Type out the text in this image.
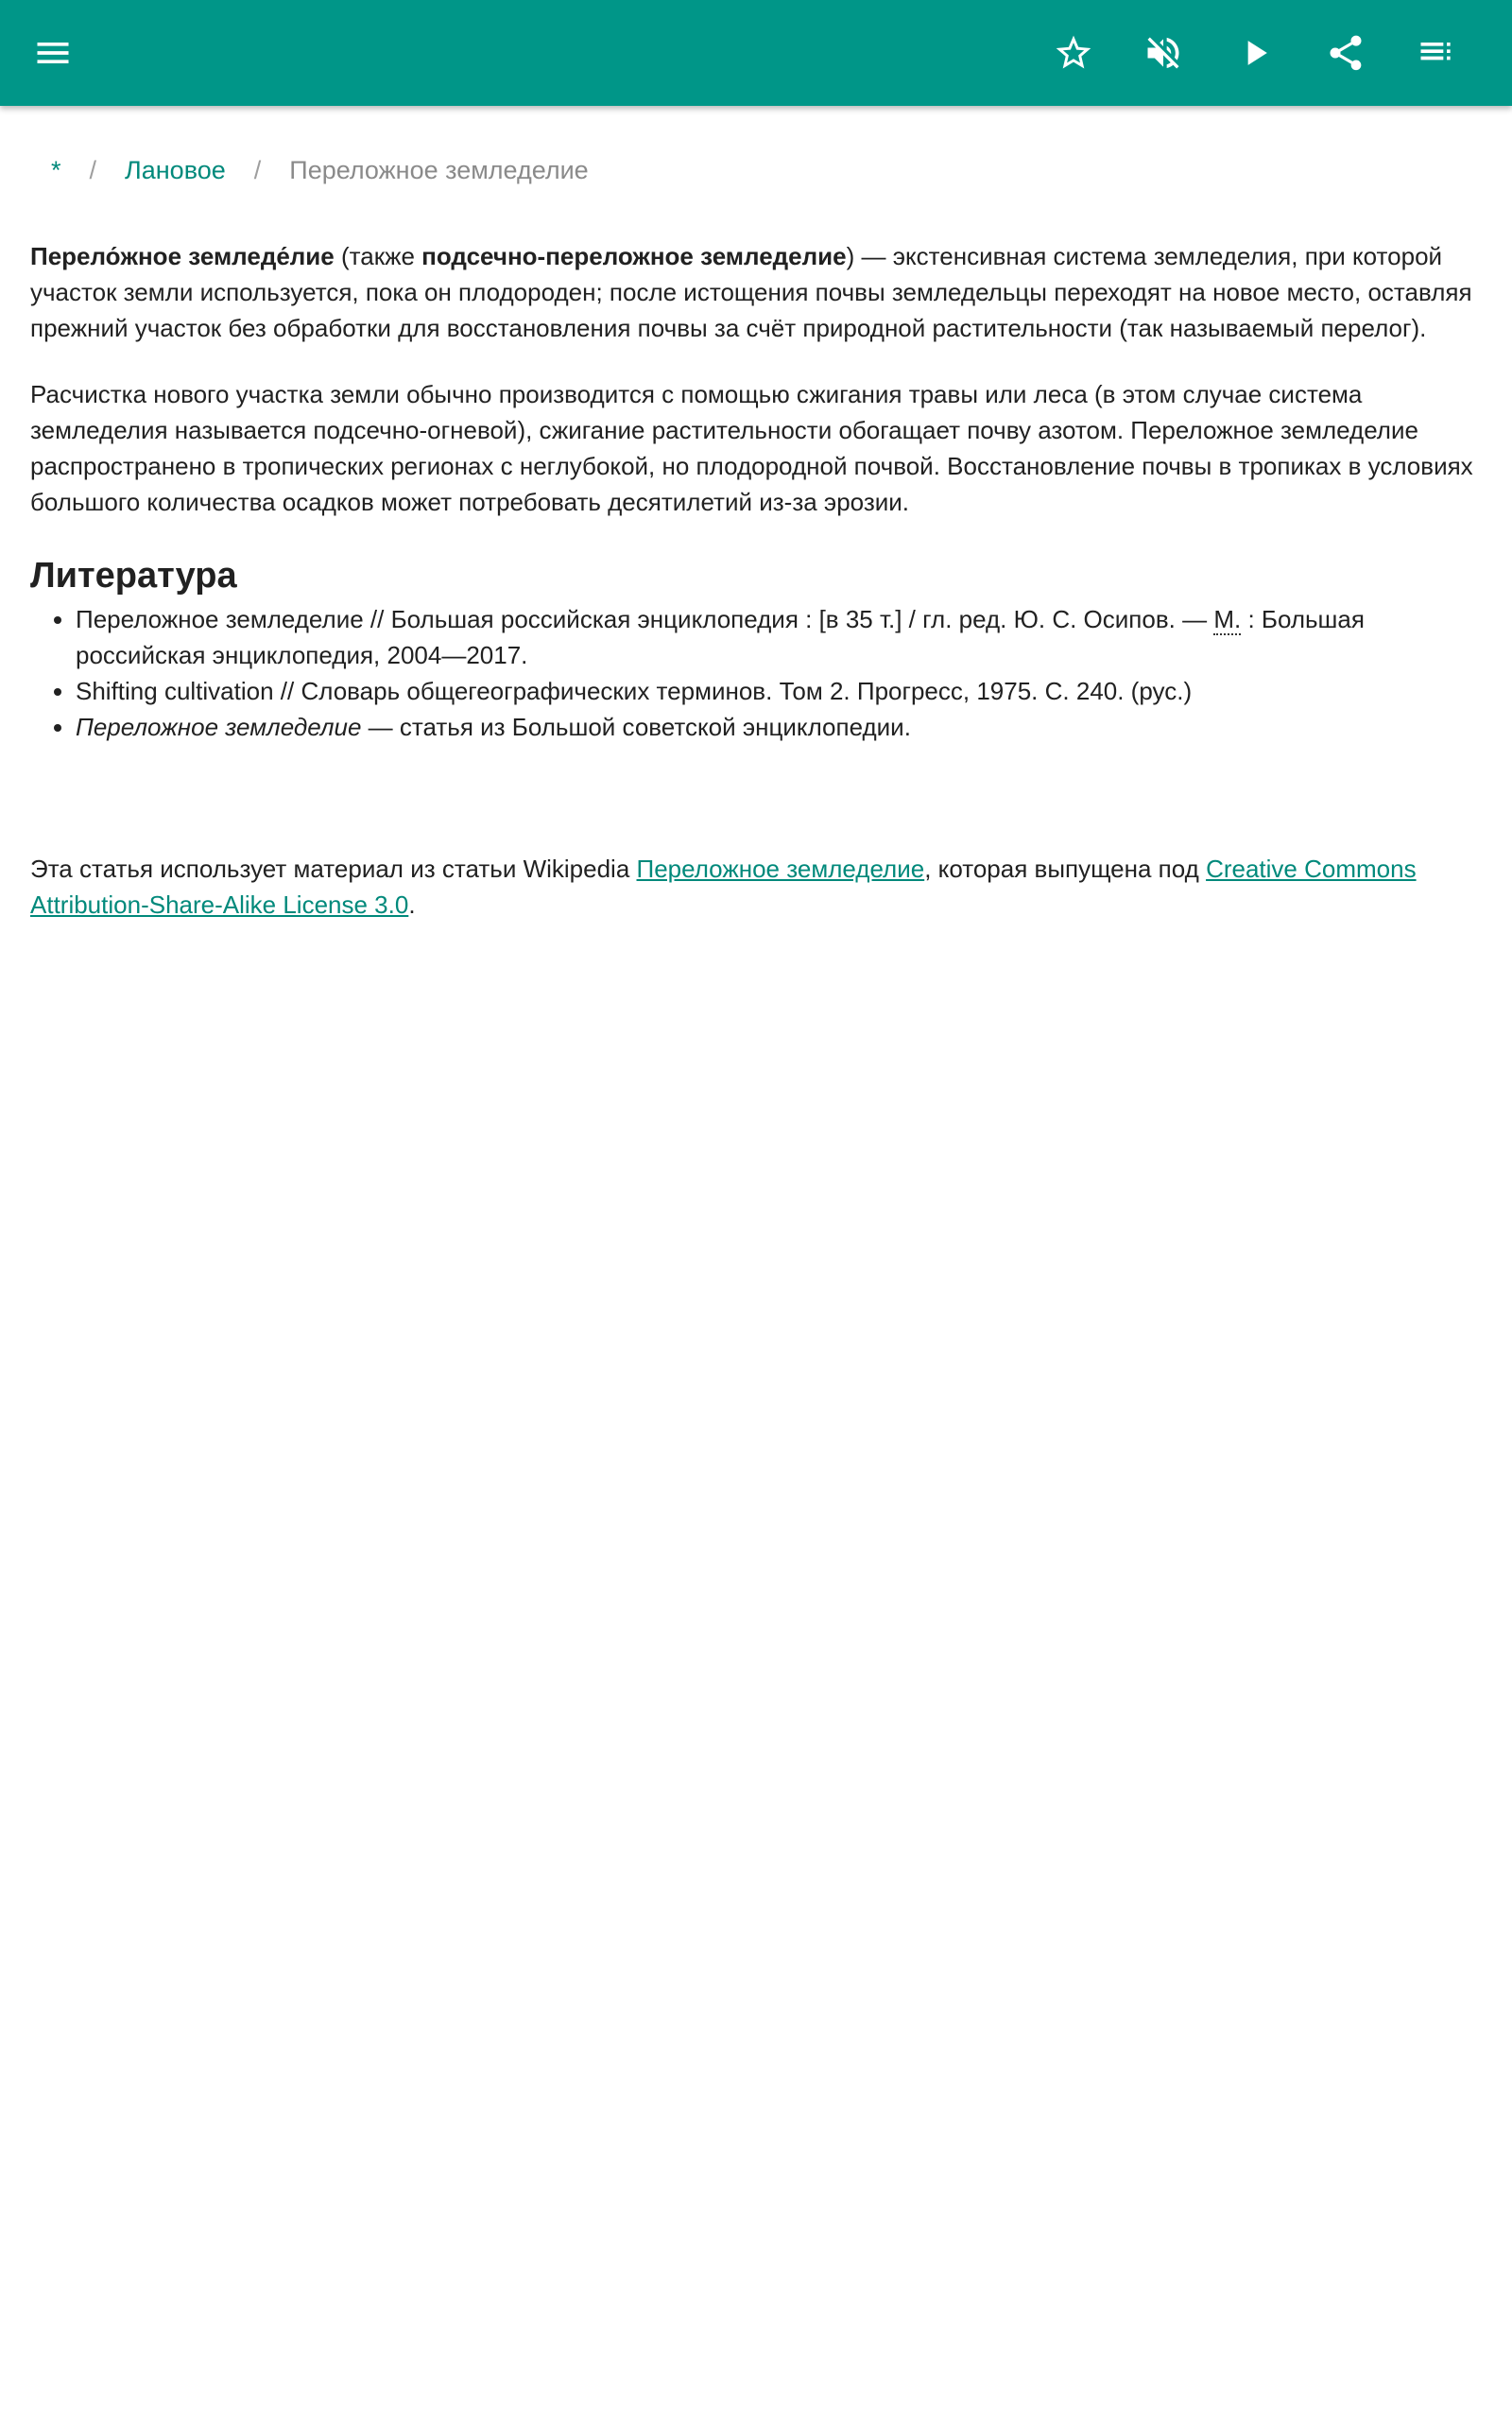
* / Лановое / Переложное земледелие

Перело́жное земледе́лие (также подсечно-переложное земледелие) — экстенсивная система земледелия, при которой участок земли используется, пока он плодороден; после истощения почвы земледельцы переходят на новое место, оставляя прежний участок без обработки для восстановления почвы за счёт природной растительности (так называемый перелог).

Расчистка нового участка земли обычно производится с помощью сжигания травы или леса (в этом случае система земледелия называется подсечно-огневой), сжигание растительности обогащает почву азотом. Переложное земледелие распространено в тропических регионах с неглубокой, но плодородной почвой. Восстановление почвы в тропиках в условиях большого количества осадков может потребовать десятилетий из-за эрозии.

Литература
• Переложное земледелие // Большая российская энциклопедия : [в 35 т.] / гл. ред. Ю. С. Осипов. — М. : Большая российская энциклопедия, 2004—2017.
• Shifting cultivation // Словарь общегеографических терминов. Том 2. Прогресс, 1975. С. 240. (рус.)
• Переложное земледелие — статья из Большой советской энциклопедии.

Эта статья использует материал из статьи Wikipedia Переложное земледелие, которая выпущена под Creative Commons Attribution-Share-Alike License 3.0.
